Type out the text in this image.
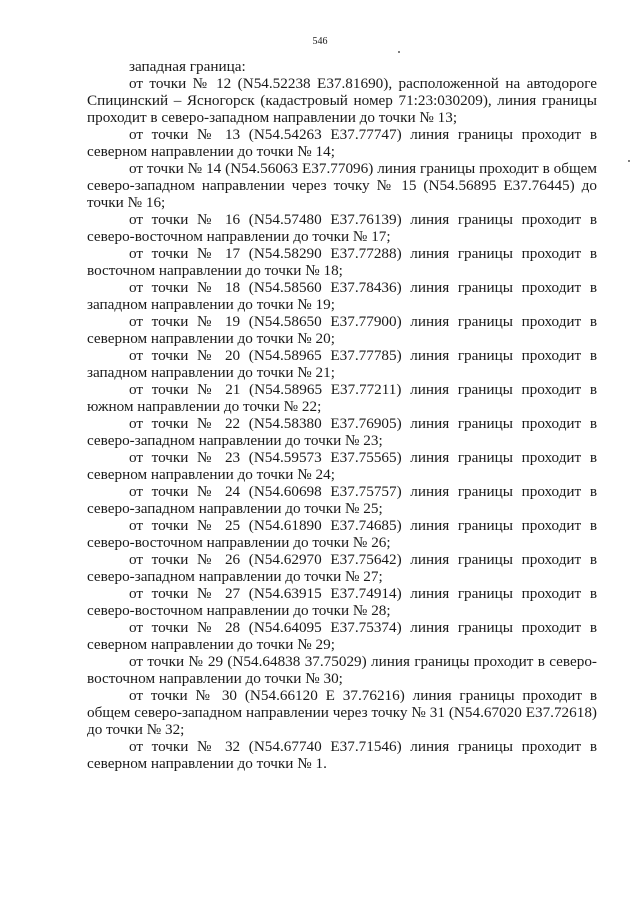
546

западная граница:

от точки № 12 (N54.52238 E37.81690), расположенной на автодороге Спицинский – Ясногорск (кадастровый номер 71:23:030209), линия границы проходит в северо-западном направлении до точки № 13;

от точки № 13 (N54.54263 E37.77747) линия границы проходит в северном направлении до точки № 14;

от точки № 14 (N54.56063 E37.77096) линия границы проходит в общем северо-западном направлении через точку № 15 (N54.56895 E37.76445) до точки № 16;

от точки № 16 (N54.57480 E37.76139) линия границы проходит в северо-восточном направлении до точки № 17;

от точки № 17 (N54.58290 E37.77288) линия границы проходит в восточном направлении до точки № 18;

от точки № 18 (N54.58560 E37.78436) линия границы проходит в западном направлении до точки № 19;

от точки № 19 (N54.58650 E37.77900) линия границы проходит в северном направлении до точки № 20;

от точки № 20 (N54.58965 E37.77785) линия границы проходит в западном направлении до точки № 21;

от точки № 21 (N54.58965 E37.77211) линия границы проходит в южном направлении до точки № 22;

от точки № 22 (N54.58380 E37.76905) линия границы проходит в северо-западном направлении до точки № 23;

от точки № 23 (N54.59573 E37.75565) линия границы проходит в северном направлении до точки № 24;

от точки № 24 (N54.60698 E37.75757) линия границы проходит в северо-западном направлении до точки № 25;

от точки № 25 (N54.61890 E37.74685) линия границы проходит в северо-восточном направлении до точки № 26;

от точки № 26 (N54.62970 E37.75642) линия границы проходит в северо-западном направлении до точки № 27;

от точки № 27 (N54.63915 E37.74914) линия границы проходит в северо-восточном направлении до точки № 28;

от точки № 28 (N54.64095 E37.75374) линия границы проходит в северном направлении до точки № 29;

от точки № 29 (N54.64838 37.75029) линия границы проходит в северо-восточном направлении до точки № 30;

от точки № 30 (N54.66120 E 37.76216) линия границы проходит в общем северо-западном направлении через точку № 31 (N54.67020 E37.72618) до точки № 32;

от точки № 32 (N54.67740 E37.71546) линия границы проходит в северном направлении до точки № 1.
